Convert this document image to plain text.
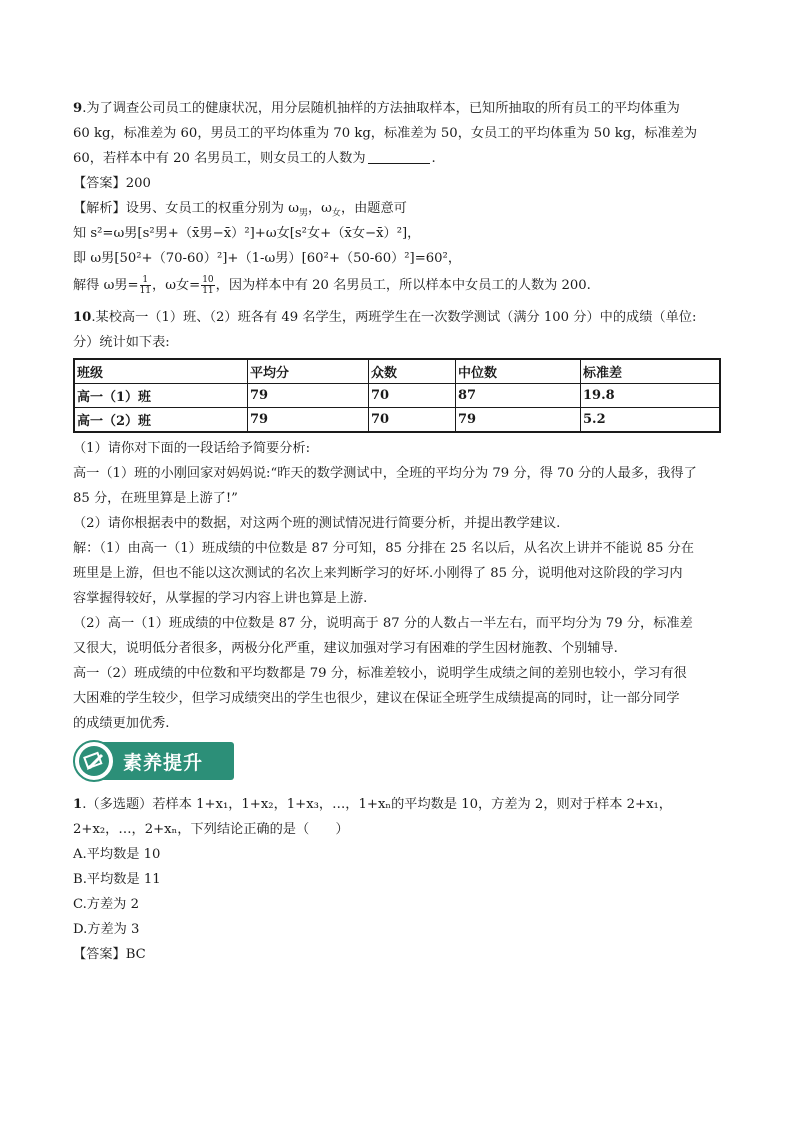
9.为了调查公司员工的健康状况，用分层随机抽样的方法抽取样本，已知所抽取的所有员工的平均体重为
60 kg，标准差为 60，男员工的平均体重为 70 kg，标准差为 50，女员工的平均体重为 50 kg，标准差为
60，若样本中有 20 名男员工，则女员工的人数为	.
【答案】200
【解析】设男、女员工的权重分别为 $\omega_男$，$\omega_女$，由题意可
知 s²=ω男[s²男+（x̄男−x̄）²]+ω女[s²女+（x̄女−x̄）²]，
即 ω男[50²+（70-60）²]+（1-ω男）[60²+（50-60）²]=60²，
解得 ω男= $\frac{1}{11}$ ，ω女= $\frac{10}{11}$ ，因为样本中有 20 名男员工，所以样本中女员工的人数为 200.
10.某校高一（1）班、（2）班各有 49 名学生，两班学生在一次数学测试（满分 100 分）中的成绩（单位:
分）统计如下表:
班级	平均分	众数	中位数	标准差
高一（1）班	79	70	87	19.8
高一（2）班	79	70	79	5.2
（1）请你对下面的一段话给予简要分析:
高一（1）班的小刚回家对妈妈说:“昨天的数学测试中，全班的平均分为 79 分，得 70 分的人最多，我得了
85 分，在班里算是上游了!”
（2）请你根据表中的数据，对这两个班的测试情况进行简要分析，并提出教学建议.
解：（1）由高一（1）班成绩的中位数是 87 分可知，85 分排在 25 名以后，从名次上讲并不能说 85 分在
班里是上游，但也不能以这次测试的名次上来判断学习的好坏.小刚得了 85 分，说明他对这阶段的学习内
容掌握得较好，从掌握的学习内容上讲也算是上游.
（2）高一（1）班成绩的中位数是 87 分，说明高于 87 分的人数占一半左右，而平均分为 79 分，标准差
又很大，说明低分者很多，两极分化严重，建议加强对学习有困难的学生因材施教、个别辅导.
高一（2）班成绩的中位数和平均数都是 79 分，标准差较小，说明学生成绩之间的差别也较小，学习有很
大困难的学生较少，但学习成绩突出的学生也很少，建议在保证全班学生成绩提高的同时，让一部分同学
的成绩更加优秀.
素养提升
1.（多选题）若样本 1+x₁，1+x₂，1+x₃，…，1+xₙ的平均数是 10，方差为 2，则对于样本 2+x₁，
2+x₂，…，2+xₙ，下列结论正确的是（　　）
A.平均数是 10
B.平均数是 11
C.方差为 2
D.方差为 3
【答案】BC
